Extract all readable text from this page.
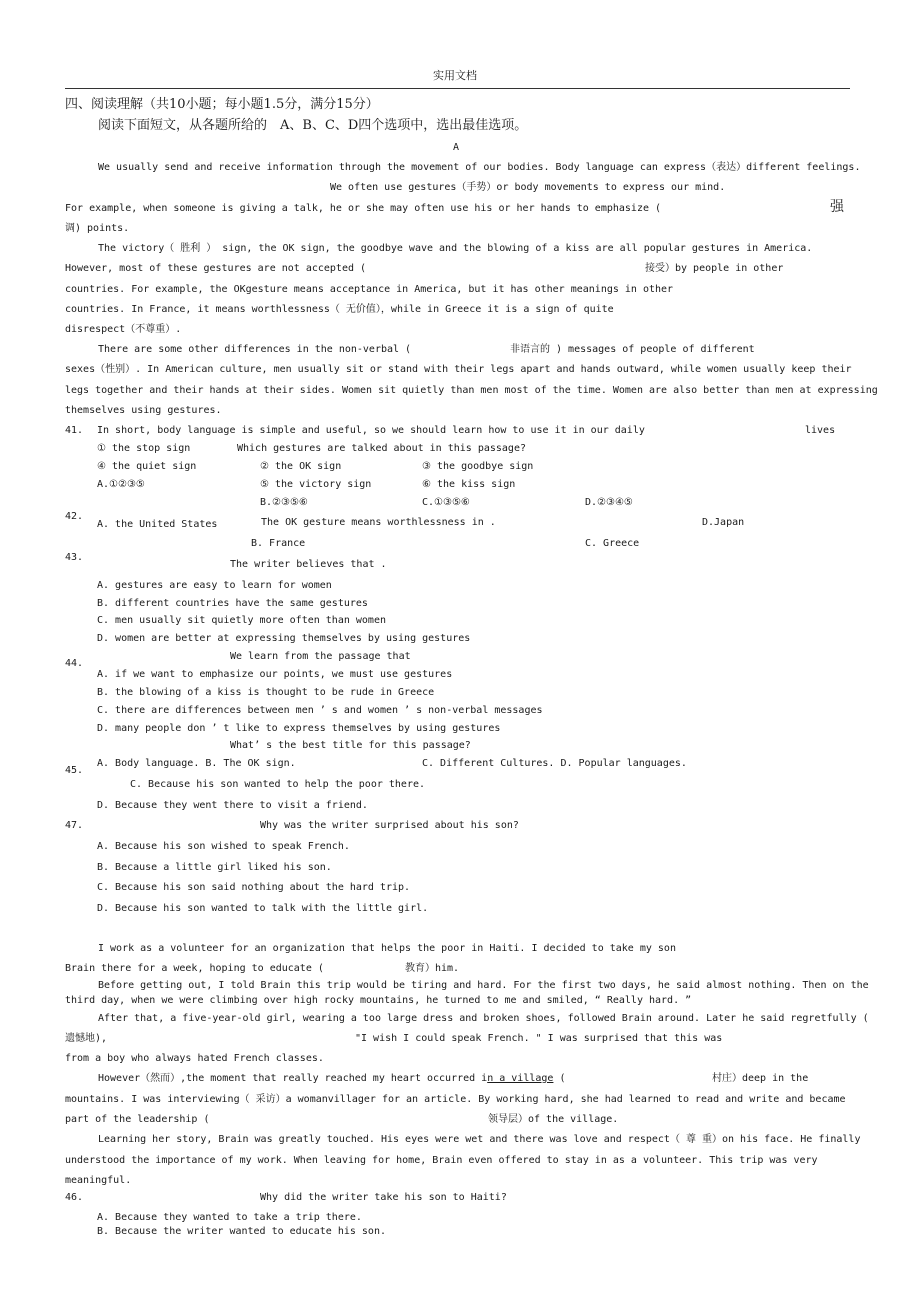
实用文档
四、阅读理解（共10小题；每小题1.5分，满分15分）
阅读下面短文，从各题所给的　A、B、C、D四个选项中，选出最佳选项。
A
We usually send and receive information through the movement of our bodies. Body language can express（表达）different feelings.
We often use gestures（手势）or body movements to express our mind.
For example, when someone is giving a talk, he or she may often use his or her hands to emphasize (	强
调) points.
The victory（ 胜利 ） sign, the OK sign, the goodbye wave and the blowing of a kiss are all popular gestures in America.
However, most of these gestures are not accepted (	接受）by people in other
countries. For example, the OKgesture means acceptance in America, but it has other meanings in other
countries. In France, it means worthlessness（ 无价值），while in Greece it is a sign of quite
disrespect（不尊重）.
There are some other differences in the non-verbal (	非语言的 ) messages of people of different
sexes（性别）. In American culture, men usually sit or stand with their legs apart and hands outward, while women usually keep their
legs together and their hands at their sides. Women sit quietly than men most of the time. Women are also better than men at expressing
themselves using gestures.
41. In short, body language is simple and useful, so we should learn how to use it in our daily	lives
Which gestures are talked about in this passage?
① the stop sign
④ the quiet sign	② the OK sign	③ the goodbye sign
⑤ the victory sign	⑥ the kiss sign
A.①②③⑤
B.②③⑤⑥	C.①③⑤⑥	D.②③④⑤
42.
A. the United States	The OK gesture means worthlessness in .	D.Japan
B. France	C. Greece
43.
The writer believes that .
A. gestures are easy to learn for women
B. different countries have the same gestures
C. men usually sit quietly more often than women
D. women are better at expressing themselves by using gestures
We learn from the passage that
44.
A. if we want to emphasize our points, we must use gestures
B. the blowing of a kiss is thought to be rude in Greece
C. there are differences between men ’ s and women ’ s non-verbal messages
D. many people don ’ t like to express themselves by using gestures
What’ s the best title for this passage?
A. Body language. B. The OK sign.	C. Different Cultures. D. Popular languages.
45.
C. Because his son wanted to help the poor there.
D. Because they went there to visit a friend.
47.	Why was the writer surprised about his son?
A. Because his son wished to speak French.
B. Because a little girl liked his son.
C. Because his son said nothing about the hard trip.
D. Because his son wanted to talk with the little girl.
I work as a volunteer for an organization that helps the poor in Haiti. I decided to take my son
Brain there for a week, hoping to educate (	教育）him.
Before getting out, I told Brain this trip would be tiring and hard. For the first two days, he said almost nothing. Then on the
third day, when we were climbing over high rocky mountains, he turned to me and smiled, “ Really hard. ”
After that, a five-year-old girl, wearing a too large dress and broken shoes, followed Brain around. Later he said regretfully (
遗憾地),	"I wish I could speak French. " I was surprised that this was
from a boy who always hated French classes.
However（然而）,the moment that really reached my heart occurred in a village (	村庄）deep in the
mountains. I was interviewing（ 采访）a womanvillager for an article. By working hard, she had learned to read and write and became
part of the leadership (	领导层）of the village.
Learning her story, Brain was greatly touched. His eyes were wet and there was love and respect（ 尊 重）on his face. He finally
understood the importance of my work. When leaving for home, Brain even offered to stay in as a volunteer. This trip was very
meaningful.
46.	Why did the writer take his son to Haiti?
A. Because they wanted to take a trip there.
B. Because the writer wanted to educate his son.
